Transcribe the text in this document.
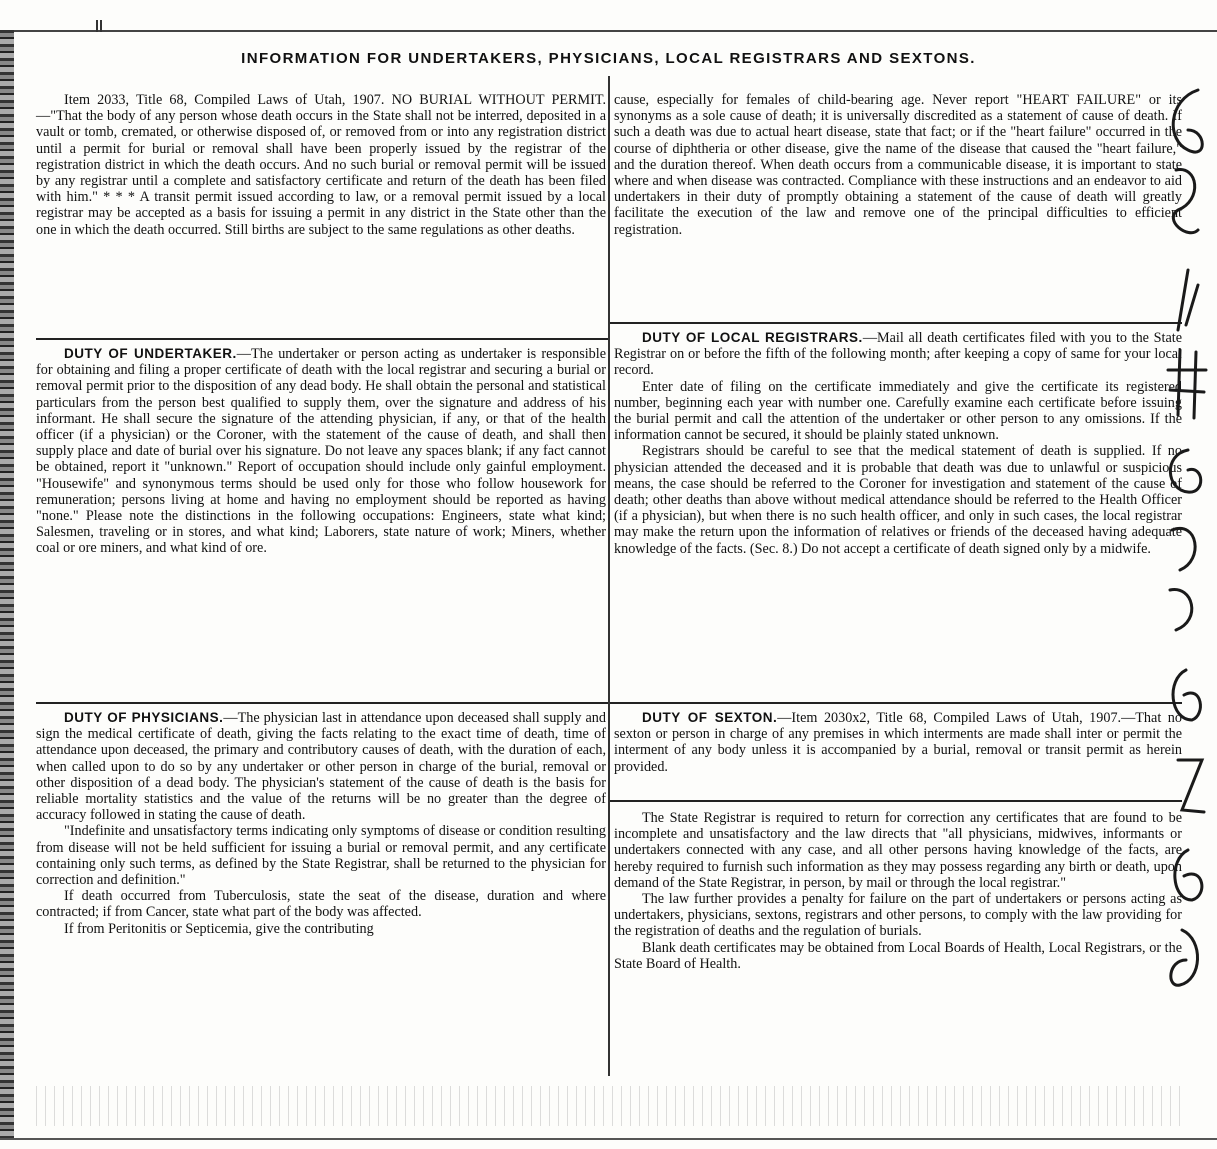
INFORMATION FOR UNDERTAKERS, PHYSICIANS, LOCAL REGISTRARS AND SEXTONS.

Item 2033, Title 68, Compiled Laws of Utah, 1907. NO BURIAL WITHOUT PERMIT.—"That the body of any person whose death occurs in the State shall not be interred, deposited in a vault or tomb, cremated, or otherwise disposed of, or removed from or into any registration district until a permit for burial or removal shall have been properly issued by the registrar of the registration district in which the death occurs. And no such burial or removal permit will be issued by any registrar until a complete and satisfactory certificate and return of the death has been filed with him." * * * A transit permit issued according to law, or a removal permit issued by a local registrar may be accepted as a basis for issuing a permit in any district in the State other than the one in which the death occurred. Still births are subject to the same regulations as other deaths.

DUTY OF UNDERTAKER.—The undertaker or person acting as undertaker is responsible for obtaining and filing a proper certificate of death with the local registrar and securing a burial or removal permit prior to the disposition of any dead body. He shall obtain the personal and statistical particulars from the person best qualified to supply them, over the signature and address of his informant. He shall secure the signature of the attending physician, if any, or that of the health officer (if a physician) or the Coroner, with the statement of the cause of death, and shall then supply place and date of burial over his signature. Do not leave any spaces blank; if any fact cannot be obtained, report it "unknown." Report of occupation should include only gainful employment. "Housewife" and synonymous terms should be used only for those who follow housework for remuneration; persons living at home and having no employment should be reported as having "none." Please note the distinctions in the following occupations: Engineers, state what kind; Salesmen, traveling or in stores, and what kind; Laborers, state nature of work; Miners, whether coal or ore miners, and what kind of ore.

DUTY OF PHYSICIANS.—The physician last in attendance upon deceased shall supply and sign the medical certificate of death, giving the facts relating to the exact time of death, time of attendance upon deceased, the primary and contributory causes of death, with the duration of each, when called upon to do so by any undertaker or other person in charge of the burial, removal or other disposition of a dead body. The physician's statement of the cause of death is the basis for reliable mortality statistics and the value of the returns will be no greater than the degree of accuracy followed in stating the cause of death.

"Indefinite and unsatisfactory terms indicating only symptoms of disease or condition resulting from disease will not be held sufficient for issuing a burial or removal permit, and any certificate containing only such terms, as defined by the State Registrar, shall be returned to the physician for correction and definition."

If death occurred from Tuberculosis, state the seat of the disease, duration and where contracted; if from Cancer, state what part of the body was affected.

If from Peritonitis or Septicemia, give the contributing

cause, especially for females of child-bearing age. Never report "HEART FAILURE" or its synonyms as a sole cause of death; it is universally discredited as a statement of cause of death. If such a death was due to actual heart disease, state that fact; or if the "heart failure" occurred in the course of diphtheria or other disease, give the name of the disease that caused the "heart failure," and the duration thereof. When death occurs from a communicable disease, it is important to state where and when disease was contracted. Compliance with these instructions and an endeavor to aid undertakers in their duty of promptly obtaining a statement of the cause of death will greatly facilitate the execution of the law and remove one of the principal difficulties to efficient registration.

DUTY OF LOCAL REGISTRARS.—Mail all death certificates filed with you to the State Registrar on or before the fifth of the following month; after keeping a copy of same for your local record.

Enter date of filing on the certificate immediately and give the certificate its registered number, beginning each year with number one. Carefully examine each certificate before issuing the burial permit and call the attention of the undertaker or other person to any omissions. If the information cannot be secured, it should be plainly stated unknown.

Registrars should be careful to see that the medical statement of death is supplied. If no physician attended the deceased and it is probable that death was due to unlawful or suspicious means, the case should be referred to the Coroner for investigation and statement of the cause of death; other deaths than above without medical attendance should be referred to the Health Officer (if a physician), but when there is no such health officer, and only in such cases, the local registrar may make the return upon the information of relatives or friends of the deceased having adequate knowledge of the facts. (Sec. 8.) Do not accept a certificate of death signed only by a midwife.

DUTY OF SEXTON.—Item 2030x2, Title 68, Compiled Laws of Utah, 1907.—That no sexton or person in charge of any premises in which interments are made shall inter or permit the interment of any body unless it is accompanied by a burial, removal or transit permit as herein provided.

The State Registrar is required to return for correction any certificates that are found to be incomplete and unsatisfactory and the law directs that "all physicians, midwives, informants or undertakers connected with any case, and all other persons having knowledge of the facts, are hereby required to furnish such information as they may possess regarding any birth or death, upon demand of the State Registrar, in person, by mail or through the local registrar."

The law further provides a penalty for failure on the part of undertakers or persons acting as undertakers, physicians, sextons, registrars and other persons, to comply with the law providing for the registration of deaths and the regulation of burials.

Blank death certificates may be obtained from Local Boards of Health, Local Registrars, or the State Board of Health.
